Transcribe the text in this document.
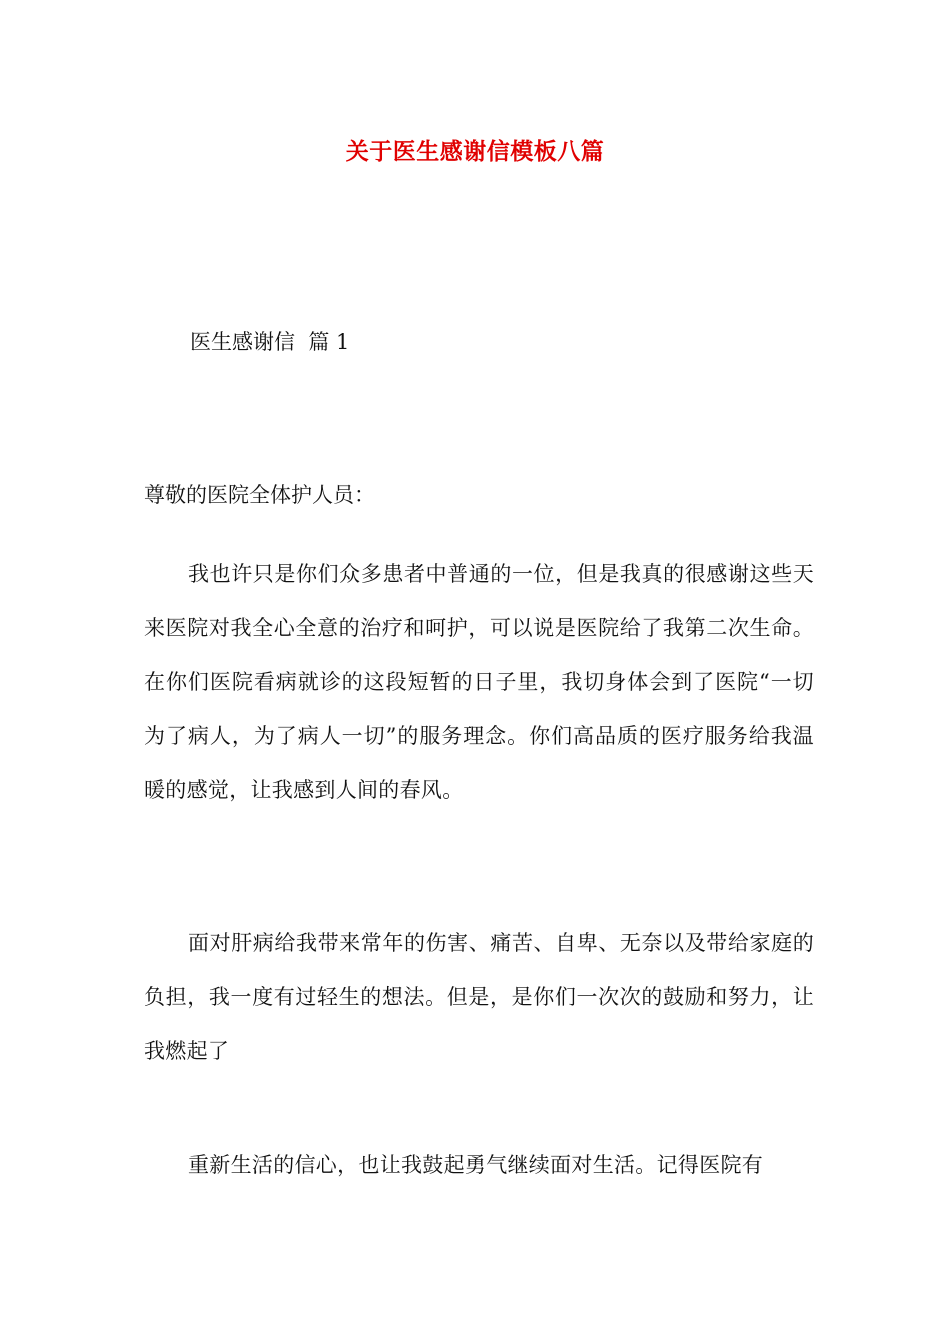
关于医生感谢信模板八篇
医生感谢信  篇 1
尊敬的医院全体护人员：
我也许只是你们众多患者中普通的一位，但是我真的很感谢这些天来医院对我全心全意的治疗和呵护，可以说是医院给了我第二次生命。在你们医院看病就诊的这段短暂的日子里，我切身体会到了医院“一切为了病人，为了病人一切”的服务理念。你们高品质的医疗服务给我温暖的感觉，让我感到人间的春风。
面对肝病给我带来常年的伤害、痛苦、自卑、无奈以及带给家庭的负担，我一度有过轻生的想法。但是，是你们一次次的鼓励和努力，让我燃起了
重新生活的信心，也让我鼓起勇气继续面对生活。记得医院有
